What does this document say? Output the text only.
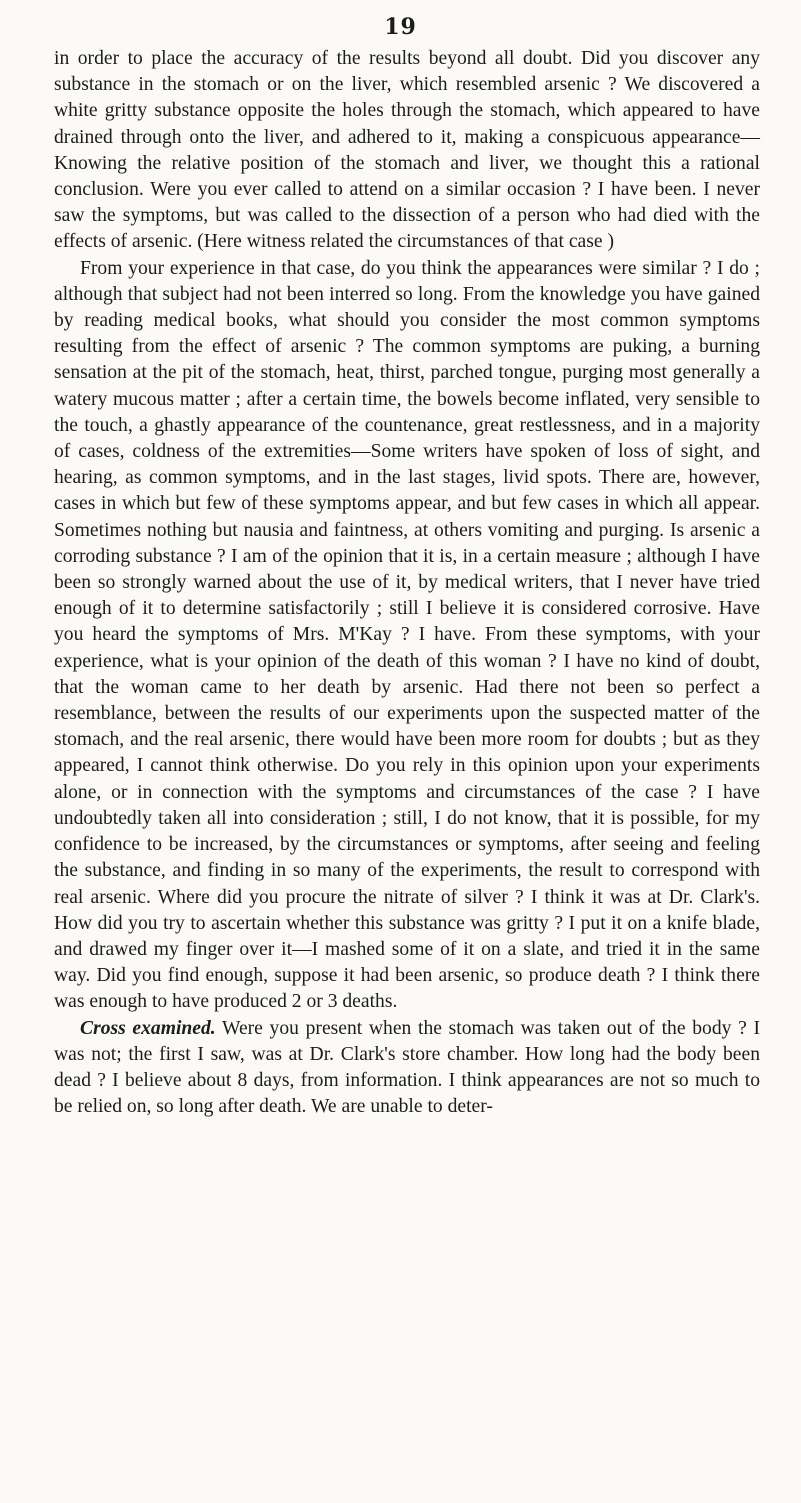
19

in order to place the accuracy of the results beyond all doubt. Did you discover any substance in the stomach or on the liver, which resembled arsenic ? We discovered a white gritty substance opposite the holes through the stomach, which appeared to have drained through onto the liver, and adhered to it, making a conspicuous appearance—Knowing the relative position of the stomach and liver, we thought this a rational conclusion. Were you ever called to attend on a similar occasion ? I have been. I never saw the symptoms, but was called to the dissection of a person who had died with the effects of arsenic. (Here witness related the circumstances of that case )

From your experience in that case, do you think the appearances were similar ? I do ; although that subject had not been interred so long. From the knowledge you have gained by reading medical books, what should you consider the most common symptoms resulting from the effect of arsenic ? The common symptoms are puking, a burning sensation at the pit of the stomach, heat, thirst, parched tongue, purging most generally a watery mucous matter ; after a certain time, the bowels become inflated, very sensible to the touch, a ghastly appearance of the countenance, great restlessness, and in a majority of cases, coldness of the extremities—Some writers have spoken of loss of sight, and hearing, as common symptoms, and in the last stages, livid spots. There are, however, cases in which but few of these symptoms appear, and but few cases in which all appear. Sometimes nothing but nausia and faintness, at others vomiting and purging. Is arsenic a corroding substance ? I am of the opinion that it is, in a certain measure ; although I have been so strongly warned about the use of it, by medical writers, that I never have tried enough of it to determine satisfactorily ; still I believe it is considered corrosive. Have you heard the symptoms of Mrs. M'Kay ? I have. From these symptoms, with your experience, what is your opinion of the death of this woman ? I have no kind of doubt, that the woman came to her death by arsenic. Had there not been so perfect a resemblance, between the results of our experiments upon the suspected matter of the stomach, and the real arsenic, there would have been more room for doubts ; but as they appeared, I cannot think otherwise. Do you rely in this opinion upon your experiments alone, or in connection with the symptoms and circumstances of the case ? I have undoubtedly taken all into consideration ; still, I do not know, that it is possible, for my confidence to be increased, by the circumstances or symptoms, after seeing and feeling the substance, and finding in so many of the experiments, the result to correspond with real arsenic. Where did you procure the nitrate of silver ? I think it was at Dr. Clark's. How did you try to ascertain whether this substance was gritty ? I put it on a knife blade, and drawed my finger over it—I mashed some of it on a slate, and tried it in the same way. Did you find enough, suppose it had been arsenic, so produce death ? I think there was enough to have produced 2 or 3 deaths.

Cross examined. Were you present when the stomach was taken out of the body ? I was not; the first I saw, was at Dr. Clark's store chamber. How long had the body been dead ? I believe about 8 days, from information. I think appearances are not so much to be relied on, so long after death. We are unable to deter-
